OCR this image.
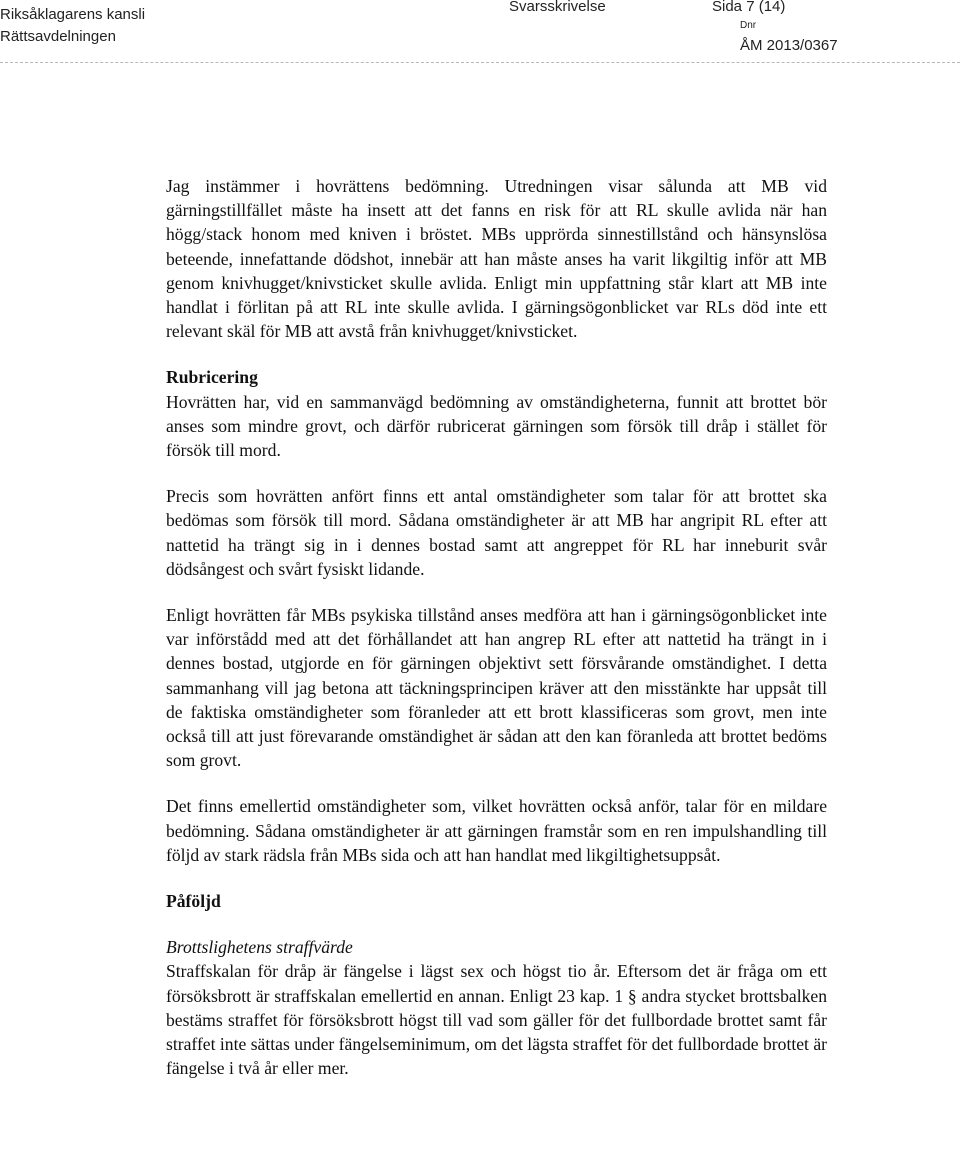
Riksåklagarens kansli
Rättsavdelningen
Svarsskrivelse	Sida 7 (14)
Dnr
ÅM 2013/0367

Jag instämmer i hovrättens bedömning. Utredningen visar sålunda att MB vid gärningstillfället måste ha insett att det fanns en risk för att RL skulle avlida när han högg/stack honom med kniven i bröstet. MBs upprörda sinnestillstånd och hänsynslösa beteende, innefattande dödshot, innebär att han måste anses ha varit likgiltig inför att MB genom knivhugget/knivsticket skulle avlida. Enligt min uppfattning står klart att MB inte handlat i förlitan på att RL inte skulle avlida. I gärningsögonblicket var RLs död inte ett relevant skäl för MB att avstå från knivhugget/knivsticket.

Rubricering

Hovrätten har, vid en sammanvägd bedömning av omständigheterna, funnit att brottet bör anses som mindre grovt, och därför rubricerat gärningen som försök till dråp i stället för försök till mord.

Precis som hovrätten anfört finns ett antal omständigheter som talar för att brottet ska bedömas som försök till mord. Sådana omständigheter är att MB har angripit RL efter att nattetid ha trängt sig in i dennes bostad samt att angreppet för RL har inneburit svår dödsångest och svårt fysiskt lidande.

Enligt hovrätten får MBs psykiska tillstånd anses medföra att han i gärningsögonblicket inte var införstådd med att det förhållandet att han angrep RL efter att nattetid ha trängt in i dennes bostad, utgjorde en för gärningen objektivt sett försvårande omständighet. I detta sammanhang vill jag betona att täckningsprincipen kräver att den misstänkte har uppsåt till de faktiska omständigheter som föranleder att ett brott klassificeras som grovt, men inte också till att just förevarande omständighet är sådan att den kan föranleda att brottet bedöms som grovt.

Det finns emellertid omständigheter som, vilket hovrätten också anför, talar för en mildare bedömning. Sådana omständigheter är att gärningen framstår som en ren impulshandling till följd av stark rädsla från MBs sida och att han handlat med likgiltighetsuppsåt.

Påföljd

Brottslighetens straffvärde

Straffskalan för dråp är fängelse i lägst sex och högst tio år. Eftersom det är fråga om ett försöksbrott är straffskalan emellertid en annan. Enligt 23 kap. 1 § andra stycket brottsbalken bestäms straffet för försöksbrott högst till vad som gäller för det fullbordade brottet samt får straffet inte sättas under fängelseminimum, om det lägsta straffet för det fullbordade brottet är fängelse i två år eller mer.
